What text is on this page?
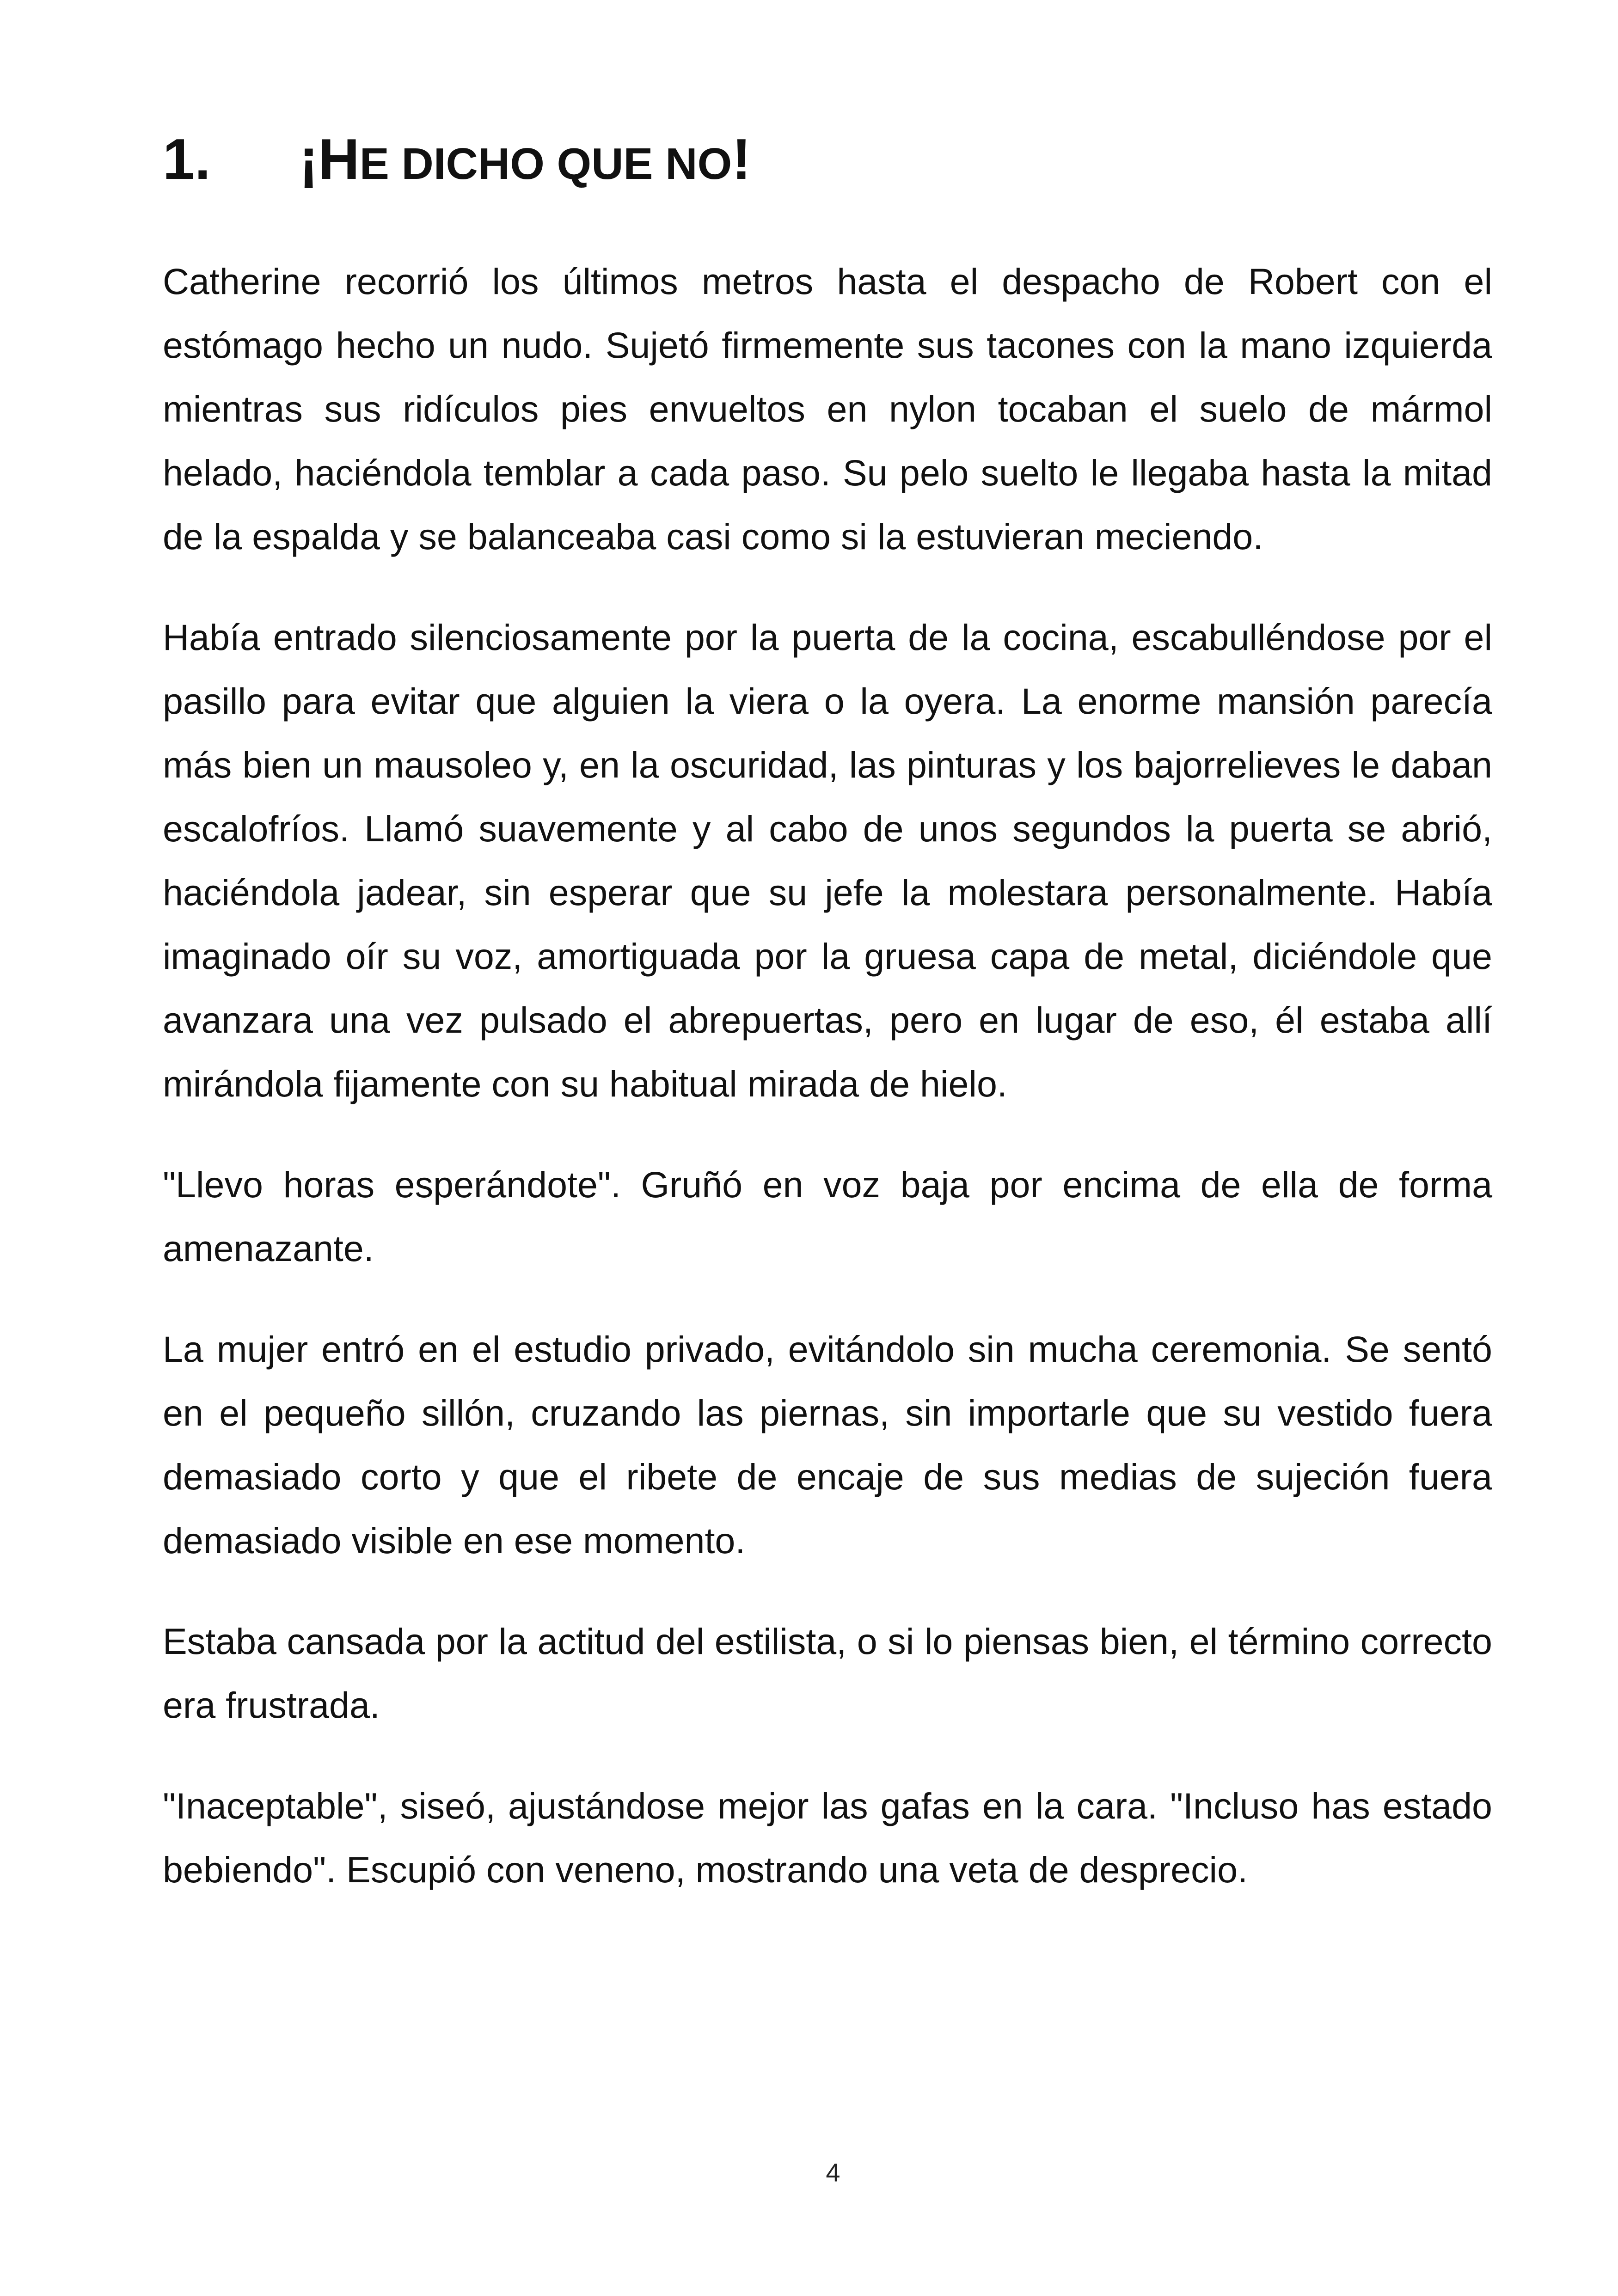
1. ¡HE DICHO QUE NO!

Catherine recorrió los últimos metros hasta el despacho de Robert con el estómago hecho un nudo. Sujetó firmemente sus tacones con la mano izquierda mientras sus ridículos pies envueltos en nylon tocaban el suelo de mármol helado, haciéndola temblar a cada paso. Su pelo suelto le llegaba hasta la mitad de la espalda y se balanceaba casi como si la estuvieran meciendo.

Había entrado silenciosamente por la puerta de la cocina, escabulléndose por el pasillo para evitar que alguien la viera o la oyera. La enorme mansión parecía más bien un mausoleo y, en la oscuridad, las pinturas y los bajorrelieves le daban escalofríos. Llamó suavemente y al cabo de unos segundos la puerta se abrió, haciéndola jadear, sin esperar que su jefe la molestara personalmente. Había imaginado oír su voz, amortiguada por la gruesa capa de metal, diciéndole que avanzara una vez pulsado el abrepuertas, pero en lugar de eso, él estaba allí mirándola fijamente con su habitual mirada de hielo.

"Llevo horas esperándote". Gruñó en voz baja por encima de ella de forma amenazante.

La mujer entró en el estudio privado, evitándolo sin mucha ceremonia. Se sentó en el pequeño sillón, cruzando las piernas, sin importarle que su vestido fuera demasiado corto y que el ribete de encaje de sus medias de sujeción fuera demasiado visible en ese momento.

Estaba cansada por la actitud del estilista, o si lo piensas bien, el término correcto era frustrada.

"Inaceptable", siseó, ajustándose mejor las gafas en la cara. "Incluso has estado bebiendo". Escupió con veneno, mostrando una veta de desprecio.

4
